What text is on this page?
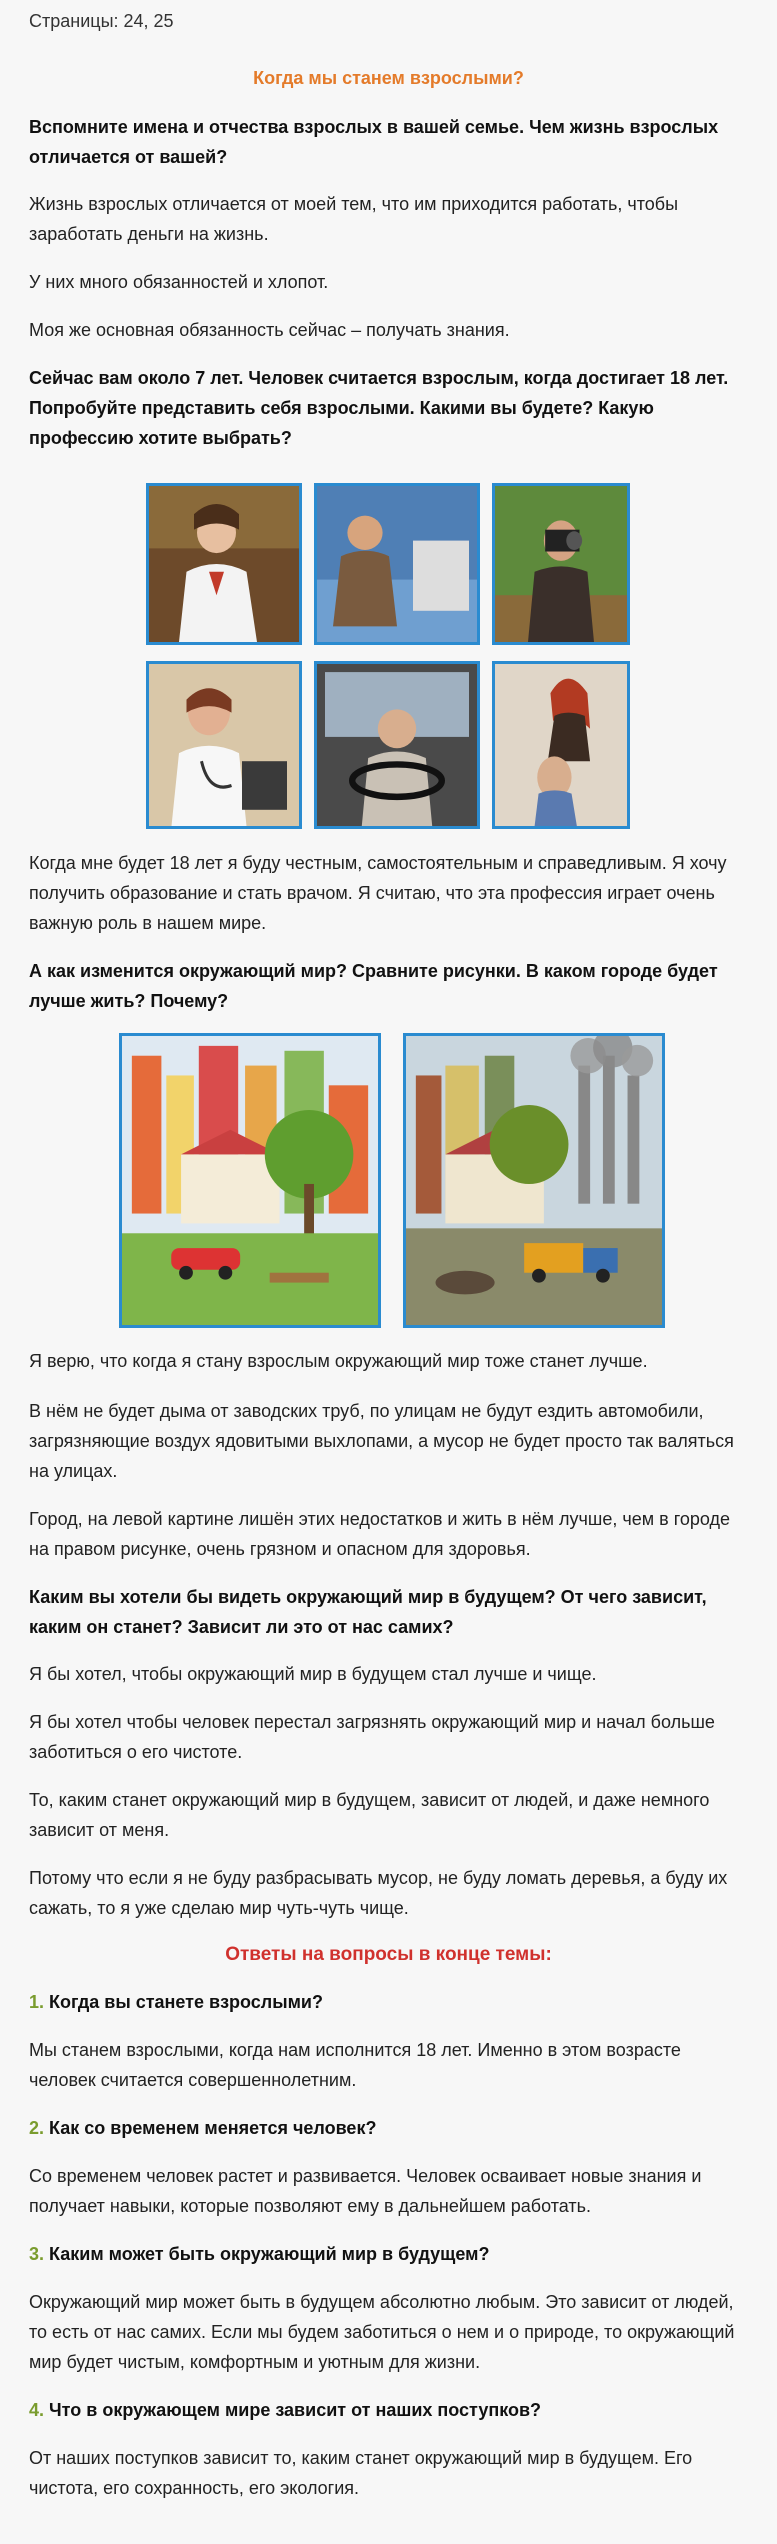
Страницы: 24, 25
Когда мы станем взрослыми?

Вспомните имена и отчества взрослых в вашей семье. Чем жизнь взрослых отличается от вашей?

Жизнь взрослых отличается от моей тем, что им приходится работать, чтобы заработать деньги на жизнь.

У них много обязанностей и хлопот.

Моя же основная обязанность сейчас – получать знания.

Сейчас вам около 7 лет. Человек считается взрослым, когда достигает 18 лет. Попробуйте представить себя взрослыми. Какими вы будете? Какую профессию хотите выбрать?

Когда мне будет 18 лет я буду честным, самостоятельным и справедливым. Я хочу получить образование и стать врачом. Я считаю, что эта профессия играет очень важную роль в нашем мире.

А как изменится окружающий мир? Сравните рисунки. В каком городе будет лучше жить? Почему?

Я верю, что когда я стану взрослым окружающий мир тоже станет лучше.

В нём не будет дыма от заводских труб, по улицам не будут ездить автомобили, загрязняющие воздух ядовитыми выхлопами, а мусор не будет просто так валяться на улицах.

Город, на левой картине лишён этих недостатков и жить в нём лучше, чем в городе на правом рисунке, очень грязном и опасном для здоровья.

Каким вы хотели бы видеть окружающий мир в будущем? От чего зависит, каким он станет? Зависит ли это от нас самих?

Я бы хотел, чтобы окружающий мир в будущем стал лучше и чище.

Я бы хотел чтобы человек перестал загрязнять окружающий мир и начал больше заботиться о его чистоте.

То, каким станет окружающий мир в будущем, зависит от людей, и даже немного зависит от меня.

Потому что если я не буду разбрасывать мусор, не буду ломать деревья, а буду их сажать, то я уже сделаю мир чуть-чуть чище.

Ответы на вопросы в конце темы:

1. Когда вы станете взрослыми?

Мы станем взрослыми, когда нам исполнится 18 лет. Именно в этом возрасте человек считается совершеннолетним.

2. Как со временем меняется человек?

Со временем человек растет и развивается. Человек осваивает новые знания и получает навыки, которые позволяют ему в дальнейшем работать.

3. Каким может быть окружающий мир в будущем?

Окружающий мир может быть в будущем абсолютно любым. Это зависит от людей, то есть от нас самих. Если мы будем заботиться о нем и о природе, то окружающий мир будет чистым, комфортным и уютным для жизни.

4. Что в окружающем мире зависит от наших поступков?

От наших поступков зависит то, каким станет окружающий мир в будущем. Его чистота, его сохранность, его экология.
